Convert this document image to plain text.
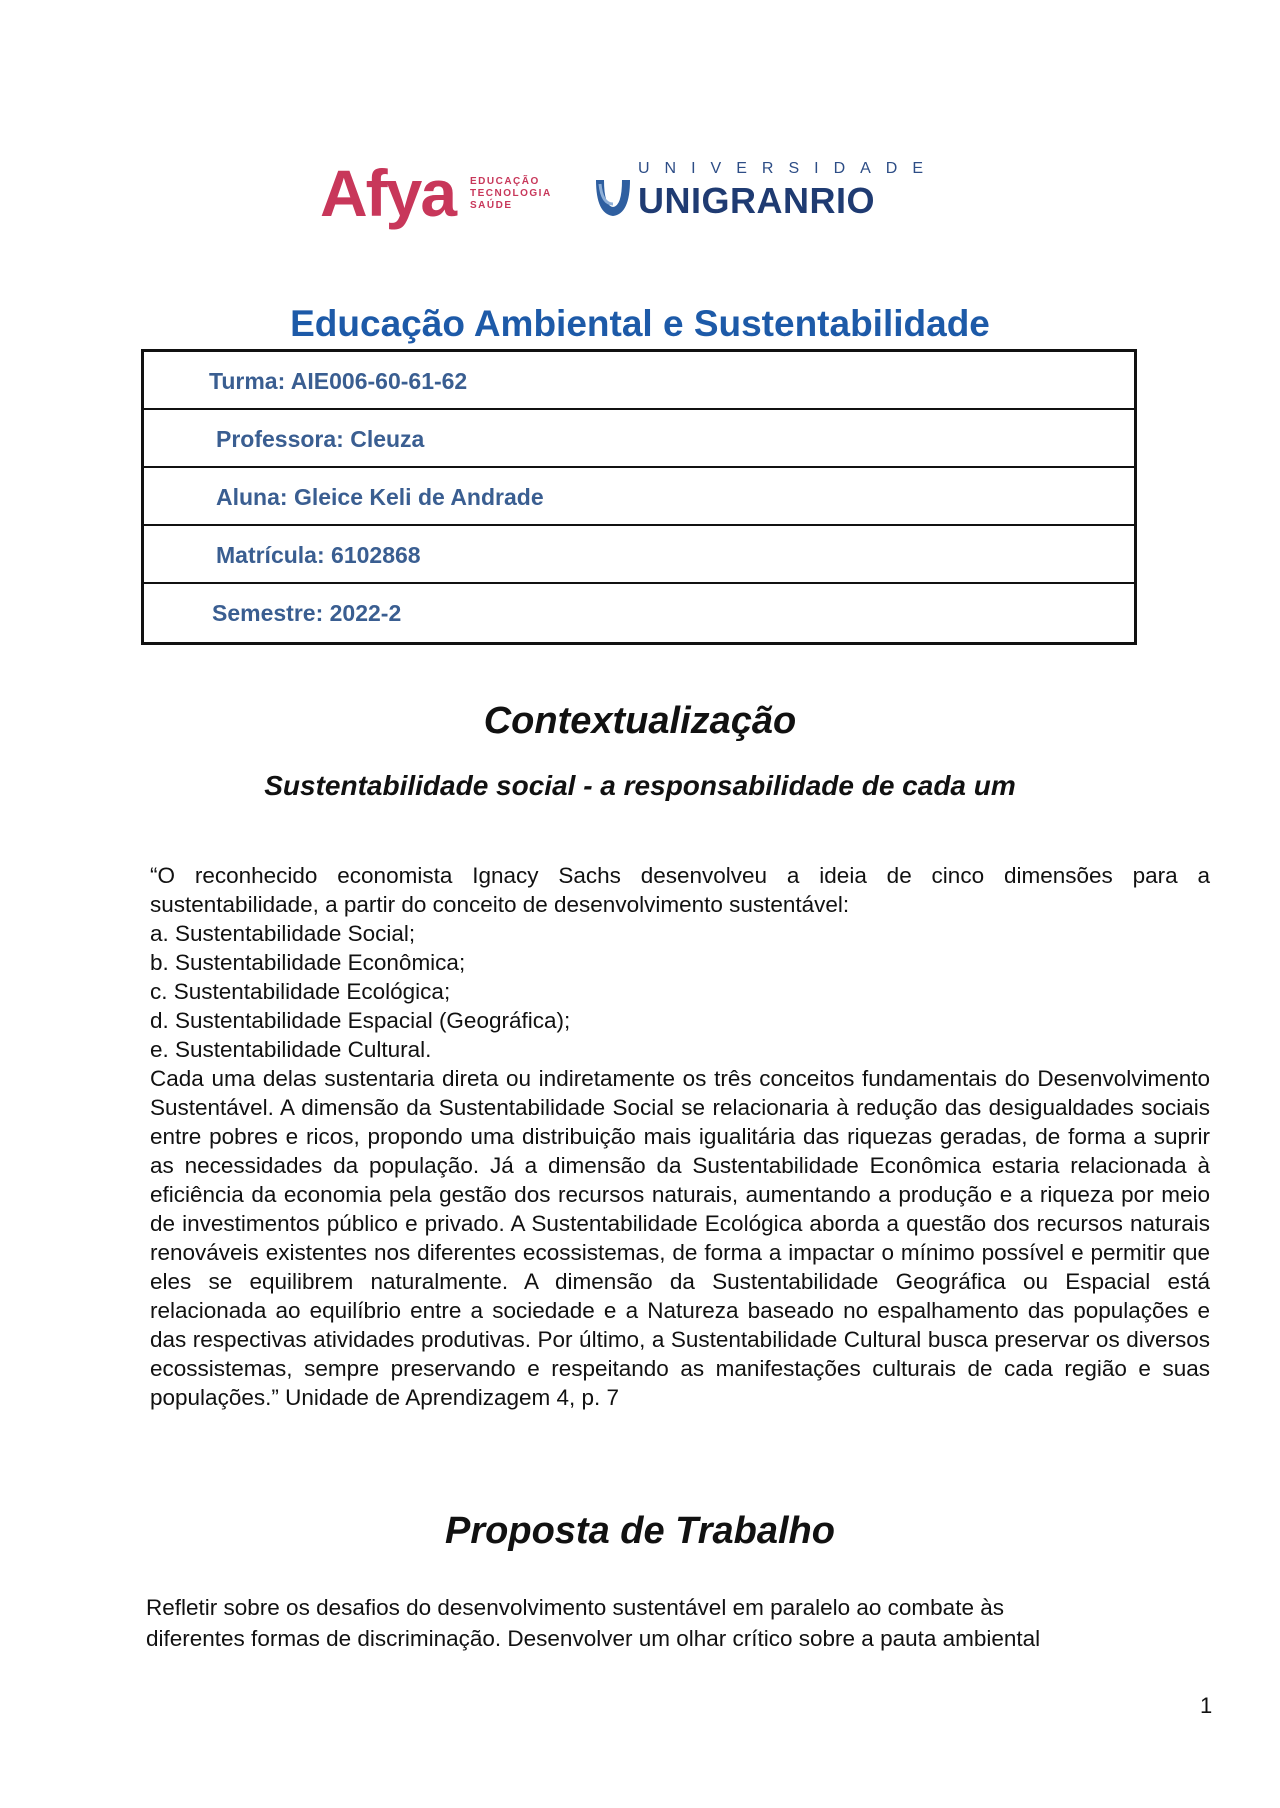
Afya EDUCAÇÃO
TECNOLOGIA
SAÚDE
UNIVERSIDADE
UNIGRANRIO
Educação Ambiental e Sustentabilidade
Turma: AIE006-60-61-62
Professora: Cleuza
Aluna: Gleice Keli de Andrade
Matrícula: 6102868
Semestre: 2022-2
Contextualização
Sustentabilidade social - a responsabilidade de cada um

“O reconhecido economista Ignacy Sachs desenvolveu a ideia de cinco dimensões para a sustentabilidade, a partir do conceito de desenvolvimento sustentável:

a. Sustentabilidade Social;

b. Sustentabilidade Econômica;

c. Sustentabilidade Ecológica;

d. Sustentabilidade Espacial (Geográfica);

e. Sustentabilidade Cultural.

Cada uma delas sustentaria direta ou indiretamente os três conceitos fundamentais do Desenvolvimento Sustentável. A dimensão da Sustentabilidade Social se relacionaria à redução das desigualdades sociais entre pobres e ricos, propondo uma distribuição mais igualitária das riquezas geradas, de forma a suprir as necessidades da população. Já a dimensão da Sustentabilidade Econômica estaria relacionada à eficiência da economia pela gestão dos recursos naturais, aumentando a produção e a riqueza por meio de investimentos público e privado. A Sustentabilidade Ecológica aborda a questão dos recursos naturais renováveis existentes nos diferentes ecossistemas, de forma a impactar o mínimo possível e permitir que eles se equilibrem naturalmente. A dimensão da Sustentabilidade Geográfica ou Espacial está relacionada ao equilíbrio entre a sociedade e a Natureza baseado no espalhamento das populações e das respectivas atividades produtivas. Por último, a Sustentabilidade Cultural busca preservar os diversos ecossistemas, sempre preservando e respeitando as manifestações culturais de cada região e suas populações.” Unidade de Aprendizagem 4, p. 7

Proposta de Trabalho
Refletir sobre os desafios do desenvolvimento sustentável em paralelo ao combate às
diferentes formas de discriminação. Desenvolver um olhar crítico sobre a pauta ambiental
1
